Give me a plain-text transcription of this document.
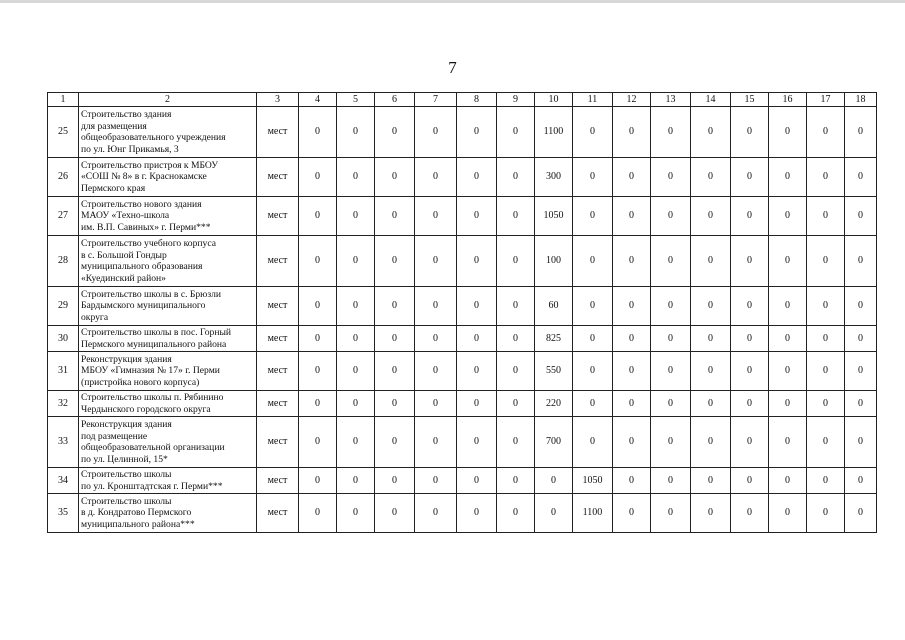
7
1	2	3	4	5	6	7	8	9	10	11	12	13	14	15	16	17	18
25	Строительство здания
для размещения
общеобразовательного учреждения
по ул. Юнг Прикамья, 3	мест	0	0	0	0	0	0	1100	0	0	0	0	0	0	0	0
26	Строительство пристроя к МБОУ
«СОШ № 8» в г. Краснокамске
Пермского края	мест	0	0	0	0	0	0	300	0	0	0	0	0	0	0	0
27	Строительство нового здания
МАОУ «Техно-школа
им. В.П. Савиных» г. Перми***	мест	0	0	0	0	0	0	1050	0	0	0	0	0	0	0	0
28	Строительство учебного корпуса
в с. Большой Гондыр
муниципального образования
«Куединский район»	мест	0	0	0	0	0	0	100	0	0	0	0	0	0	0	0
29	Строительство школы в с. Брюзли
Бардымского муниципального
округа	мест	0	0	0	0	0	0	60	0	0	0	0	0	0	0	0
30	Строительство школы в пос. Горный
Пермского муниципального района	мест	0	0	0	0	0	0	825	0	0	0	0	0	0	0	0
31	Реконструкция здания
МБОУ «Гимназия № 17» г. Перми
(пристройка нового корпуса)	мест	0	0	0	0	0	0	550	0	0	0	0	0	0	0	0
32	Строительство школы п. Рябинино
Чердынского городского округа	мест	0	0	0	0	0	0	220	0	0	0	0	0	0	0	0
33	Реконструкция здания
под размещение
общеобразовательной организации
по ул. Целинной, 15*	мест	0	0	0	0	0	0	700	0	0	0	0	0	0	0	0
34	Строительство школы
по ул. Кронштадтская г. Перми***	мест	0	0	0	0	0	0	0	1050	0	0	0	0	0	0	0
35	Строительство школы
в д. Кондратово Пермского
муниципального района***	мест	0	0	0	0	0	0	0	1100	0	0	0	0	0	0	0
